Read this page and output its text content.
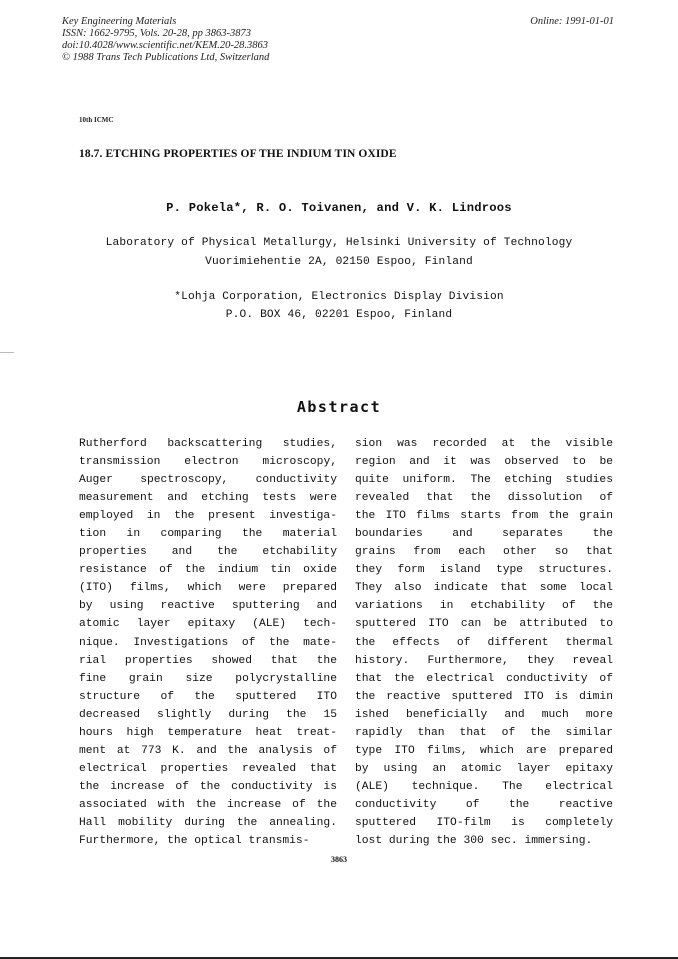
Key Engineering Materials
ISSN: 1662-9795, Vols. 20-28, pp 3863-3873
doi:10.4028/www.scientific.net/KEM.20-28.3863
© 1988 Trans Tech Publications Ltd, Switzerland
Online: 1991-01-01
10th ICMC
18.7. ETCHING PROPERTIES OF THE INDIUM TIN OXIDE
P. Pokela*, R. O. Toivanen, and V. K. Lindroos
Laboratory of Physical Metallurgy, Helsinki University of Technology
Vuorimiehentie 2A, 02150 Espoo, Finland
*Lohja Corporation, Electronics Display Division
P.O. BOX 46, 02201 Espoo, Finland
Abstract
Rutherford backscattering studies,
transmission electron microscopy,
Auger spectroscopy, conductivity
measurement and etching tests were
employed in the present investiga-
tion in comparing the material
properties and the etchability
resistance of the indium tin oxide
(ITO) films, which were prepared
by using reactive sputtering and
atomic layer epitaxy (ALE) tech-
nique. Investigations of the mate-
rial properties showed that the
fine grain size polycrystalline
structure of the sputtered ITO
decreased slightly during the 15
hours high temperature heat treat-
ment at 773 K. and the analysis of
electrical properties revealed that
the increase of the conductivity is
associated with the increase of the
Hall mobility during the annealing.
Furthermore, the optical transmis-
sion was recorded at the visible
region and it was observed to be
quite uniform. The etching studies
revealed that the dissolution of
the ITO films starts from the grain
boundaries and separates the
grains from each other so that
they form island type structures.
They also indicate that some local
variations in etchability of the
sputtered ITO can be attributed to
the effects of different thermal
history. Furthermore, they reveal
that the electrical conductivity of
the reactive sputtered ITO is dimin
ished beneficially and much more
rapidly than that of the similar
type ITO films, which are prepared
by using an atomic layer epitaxy
(ALE) technique. The electrical
conductivity of the reactive
sputtered ITO-film is completely
lost during the 300 sec. immersing.
3863
